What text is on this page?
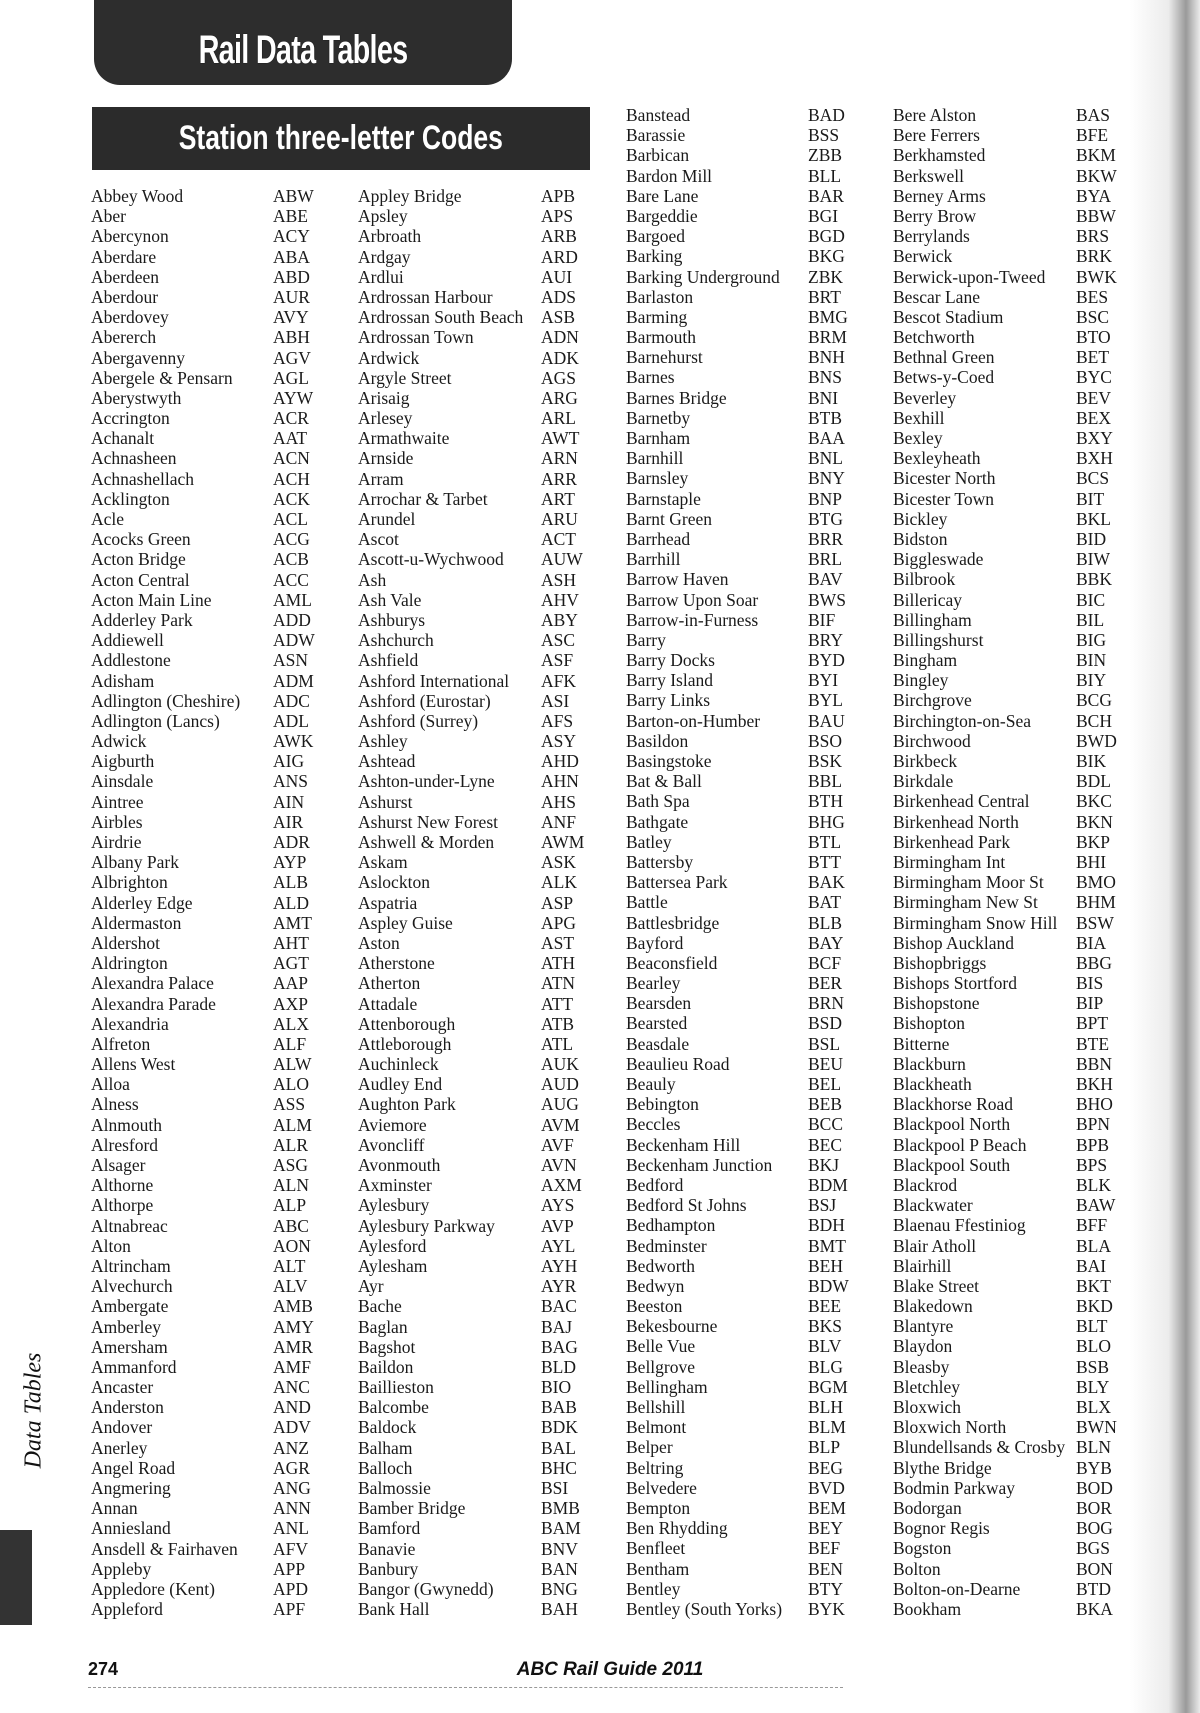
Rail Data Tables
Station three-letter Codes
Abbey Wood	ABW
Aber	ABE
Abercynon	ACY
Aberdare	ABA
Aberdeen	ABD
Aberdour	AUR
Aberdovey	AVY
Abererch	ABH
Abergavenny	AGV
Abergele & Pensarn AGL
Aberystwyth	AYW
Accrington	ACR
Achanalt	AAT
Achnasheen	ACN
Achnashellach	ACH
Acklington	ACK
Acle	ACL
Acocks Green	ACG
Acton Bridge	ACB
Acton Central	ACC
Acton Main Line	AML
Adderley Park	ADD
Addiewell	ADW
Addlestone	ASN
Adisham	ADM
Adlington (Cheshire) ADC
Adlington (Lancs)	ADL
Adwick	AWK
Aigburth	AIG
Ainsdale	ANS
Aintree	AIN
Airbles	AIR
Airdrie	ADR
Albany Park	AYP
Albrighton	ALB
Alderley Edge	ALD
Aldermaston	AMT
Aldershot	AHT
Aldrington	AGT
Alexandra Palace	AAP
Alexandra Parade	AXP
Alexandria	ALX
Alfreton	ALF
Allens West	ALW
Alloa	ALO
Alness	ASS
Alnmouth	ALM
Alresford	ALR
Alsager	ASG
Althorne	ALN
Althorpe	ALP
Altnabreac	ABC
Alton	AON
Altrincham	ALT
Alvechurch	ALV
Ambergate	AMB
Amberley	AMY
Amersham	AMR
Ammanford	AMF
Ancaster	ANC
Anderston	AND
Andover	ADV
Anerley	ANZ
Angel Road	AGR
Angmering	ANG
Annan	ANN
Anniesland	ANL
Ansdell & Fairhaven AFV
Appleby	APP
Appledore (Kent)	APD
Appleford	APF
Appley Bridge	APB
Apsley	APS
Arbroath	ARB
Ardgay	ARD
Ardlui	AUI
Ardrossan Harbour	ADS
Ardrossan South Beach ASB
Ardrossan Town	ADN
Ardwick	ADK
Argyle Street	AGS
Arisaig	ARG
Arlesey	ARL
Armathwaite	AWT
Arnside	ARN
Arram	ARR
Arrochar & Tarbet	ART
Arundel	ARU
Ascot	ACT
Ascott-u-Wychwood AUW
Ash	ASH
Ash Vale	AHV
Ashburys	ABY
Ashchurch	ASC
Ashfield	ASF
Ashford International AFK
Ashford (Eurostar)	ASI
Ashford (Surrey)	AFS
Ashley	ASY
Ashtead	AHD
Ashton-under-Lyne	AHN
Ashurst	AHS
Ashurst New Forest ANF
Ashwell & Morden	AWM
Askam	ASK
Aslockton	ALK
Aspatria	ASP
Aspley Guise	APG
Aston	AST
Atherstone	ATH
Atherton	ATN
Attadale	ATT
Attenborough	ATB
Attleborough	ATL
Auchinleck	AUK
Audley End	AUD
Aughton Park	AUG
Aviemore	AVM
Avoncliff	AVF
Avonmouth	AVN
Axminster	AXM
Aylesbury	AYS
Aylesbury Parkway	AVP
Aylesford	AYL
Aylesham	AYH
Ayr	AYR
Bache	BAC
Baglan	BAJ
Bagshot	BAG
Baildon	BLD
Baillieston	BIO
Balcombe	BAB
Baldock	BDK
Balham	BAL
Balloch	BHC
Balmossie	BSI
Bamber Bridge	BMB
Bamford	BAM
Banavie	BNV
Banbury	BAN
Bangor (Gwynedd)	BNG
Bank Hall	BAH
Banstead	BAD
Barassie	BSS
Barbican	ZBB
Bardon Mill	BLL
Bare Lane	BAR
Bargeddie	BGI
Bargoed	BGD
Barking	BKG
Barking Underground ZBK
Barlaston	BRT
Barming	BMG
Barmouth	BRM
Barnehurst	BNH
Barnes	BNS
Barnes Bridge	BNI
Barnetby	BTB
Barnham	BAA
Barnhill	BNL
Barnsley	BNY
Barnstaple	BNP
Barnt Green	BTG
Barrhead	BRR
Barrhill	BRL
Barrow Haven	BAV
Barrow Upon Soar	BWS
Barrow-in-Furness	BIF
Barry	BRY
Barry Docks	BYD
Barry Island	BYI
Barry Links	BYL
Barton-on-Humber	BAU
Basildon	BSO
Basingstoke	BSK
Bat & Ball	BBL
Bath Spa	BTH
Bathgate	BHG
Batley	BTL
Battersby	BTT
Battersea Park	BAK
Battle	BAT
Battlesbridge	BLB
Bayford	BAY
Beaconsfield	BCF
Bearley	BER
Bearsden	BRN
Bearsted	BSD
Beasdale	BSL
Beaulieu Road	BEU
Beauly	BEL
Bebington	BEB
Beccles	BCC
Beckenham Hill	BEC
Beckenham Junction BKJ
Bedford	BDM
Bedford St Johns	BSJ
Bedhampton	BDH
Bedminster	BMT
Bedworth	BEH
Bedwyn	BDW
Beeston	BEE
Bekesbourne	BKS
Belle Vue	BLV
Bellgrove	BLG
Bellingham	BGM
Bellshill	BLH
Belmont	BLM
Belper	BLP
Beltring	BEG
Belvedere	BVD
Bempton	BEM
Ben Rhydding	BEY
Benfleet	BEF
Bentham	BEN
Bentley	BTY
Bentley (South Yorks) BYK
Bere Alston	BAS
Bere Ferrers	BFE
Berkhamsted	BKM
Berkswell	BKW
Berney Arms	BYA
Berry Brow	BBW
Berrylands	BRS
Berwick	BRK
Berwick-upon-Tweed BWK
Bescar Lane	BES
Bescot Stadium	BSC
Betchworth	BTO
Bethnal Green	BET
Betws-y-Coed	BYC
Beverley	BEV
Bexhill	BEX
Bexley	BXY
Bexleyheath	BXH
Bicester North	BCS
Bicester Town	BIT
Bickley	BKL
Bidston	BID
Biggleswade	BIW
Bilbrook	BBK
Billericay	BIC
Billingham	BIL
Billingshurst	BIG
Bingham	BIN
Bingley	BIY
Birchgrove	BCG
Birchington-on-Sea	BCH
Birchwood	BWD
Birkbeck	BIK
Birkdale	BDL
Birkenhead Central	BKC
Birkenhead North	BKN
Birkenhead Park	BKP
Birmingham Int	BHI
Birmingham Moor St BMO
Birmingham New St BHM
Birmingham Snow Hill BSW
Bishop Auckland	BIA
Bishopbriggs	BBG
Bishops Stortford	BIS
Bishopstone	BIP
Bishopton	BPT
Bitterne	BTE
Blackburn	BBN
Blackheath	BKH
Blackhorse Road	BHO
Blackpool North	BPN
Blackpool P Beach	BPB
Blackpool South	BPS
Blackrod	BLK
Blackwater	BAW
Blaenau Ffestiniog	BFF
Blair Atholl	BLA
Blairhill	BAI
Blake Street	BKT
Blakedown	BKD
Blantyre	BLT
Blaydon	BLO
Bleasby	BSB
Bletchley	BLY
Bloxwich	BLX
Bloxwich North	BWN
Blundellsands & Crosby BLN
Blythe Bridge	BYB
Bodmin Parkway	BOD
Bodorgan	BOR
Bognor Regis	BOG
Bogston	BGS
Bolton	BON
Bolton-on-Dearne	BTD
Bookham	BKA
Data Tables
274	ABC Rail Guide 2011
